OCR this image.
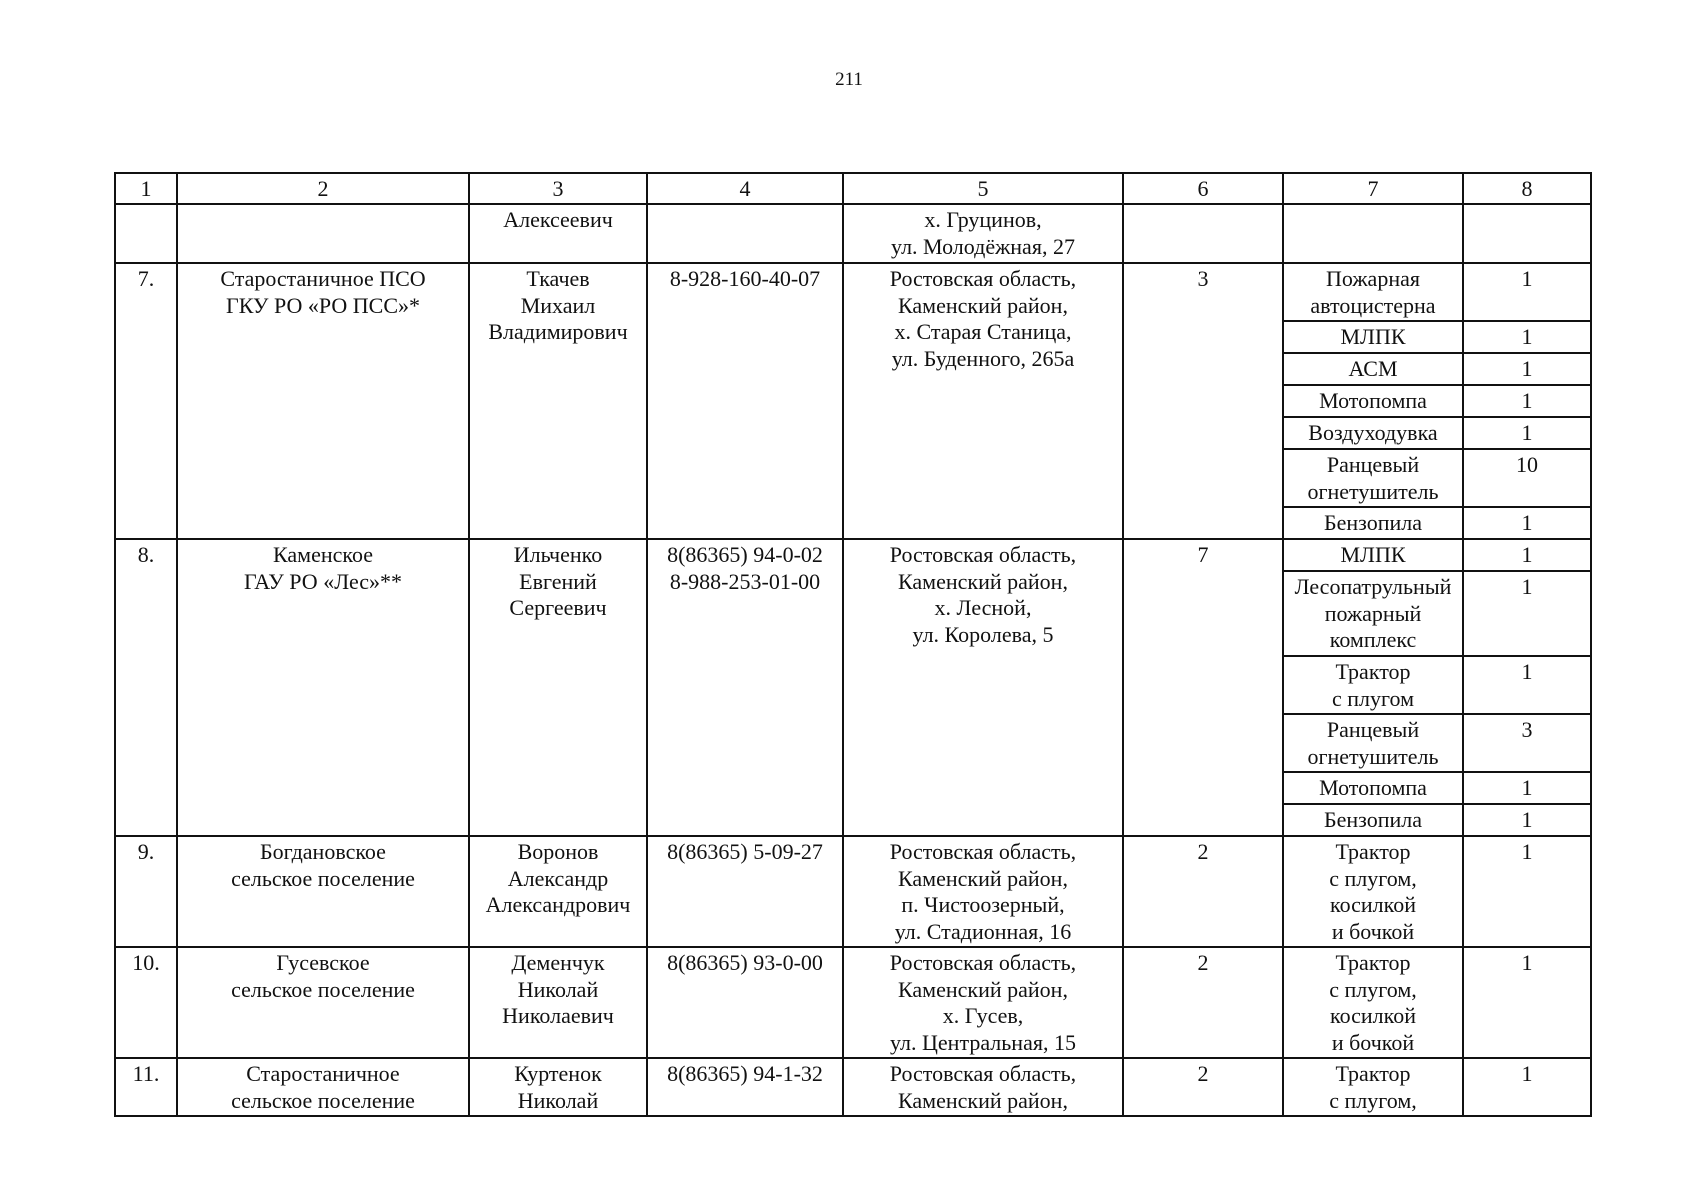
211
1	2	3	4	5	6	7	8
		Алексеевич		х. Груцинов,
ул. Молодёжная, 27			
7.	Старостаничное ПСО
ГКУ РО «РО ПСС»*	Ткачев
Михаил
Владимирович	8-928-160-40-07	Ростовская область,
Каменский район,
х. Старая Станица,
ул. Буденного, 265а	3	Пожарная
автоцистерна	1
						МЛПК	1
						АСМ	1
						Мотопомпа	1
						Воздуходувка	1
						Ранцевый
огнетушитель	10
						Бензопила	1
8.	Каменское
ГАУ РО «Лес»**	Ильченко
Евгений
Сергеевич	8(86365) 94-0-02
8-988-253-01-00	Ростовская область,
Каменский район,
х. Лесной,
ул. Королева, 5	7	МЛПК	1
						Лесопатрульный
пожарный
комплекс	1
						Трактор
с плугом	1
						Ранцевый
огнетушитель	3
						Мотопомпа	1
						Бензопила	1
9.	Богдановское
сельское поселение	Воронов
Александр
Александрович	8(86365) 5-09-27	Ростовская область,
Каменский район,
п. Чистоозерный,
ул. Стадионная, 16	2	Трактор
с плугом,
косилкой
и бочкой	1
10.	Гусевское
сельское поселение	Деменчук
Николай
Николаевич	8(86365) 93-0-00	Ростовская область,
Каменский район,
х. Гусев,
ул. Центральная, 15	2	Трактор
с плугом,
косилкой
и бочкой	1
11.	Старостаничное
сельское поселение	Куртенок
Николай	8(86365) 94-1-32	Ростовская область,
Каменский район,	2	Трактор
с плугом,	1
